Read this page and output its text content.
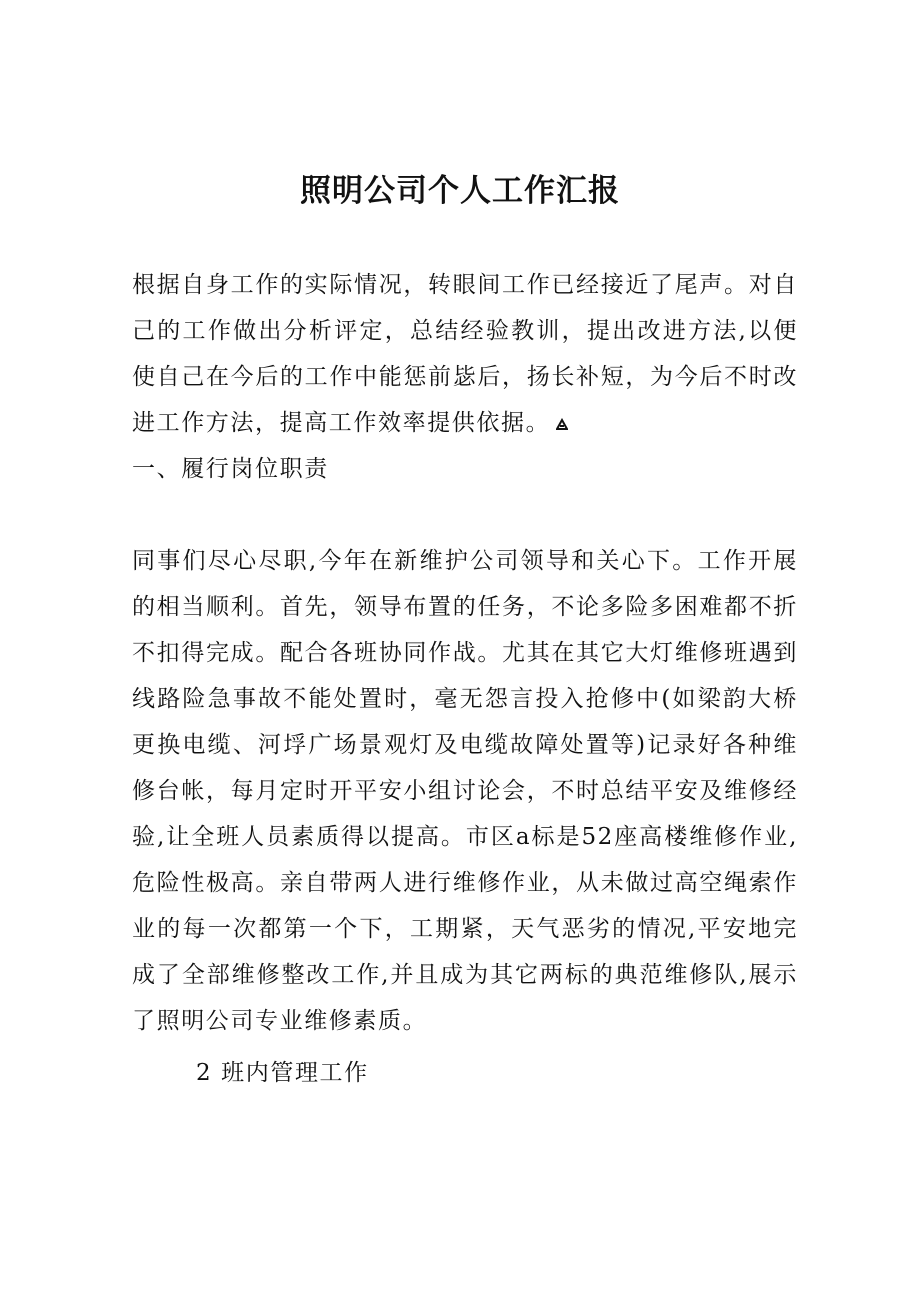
照明公司个人工作汇报

根据自身工作的实际情况，转眼间工作已经接近了尾声。对自己的工作做出分析评定，总结经验教训，提出改进方法,以便使自己在今后的工作中能惩前毖后，扬长补短，为今后不时改进工作方法，提高工作效率提供依据。

一、履行岗位职责

同事们尽心尽职,今年在新维护公司领导和关心下。工作开展的相当顺利。首先，领导布置的任务，不论多险多困难都不折不扣得完成。配合各班协同作战。尤其在其它大灯维修班遇到线路险急事故不能处置时，毫无怨言投入抢修中(如梁韵大桥更换电缆、河垺广场景观灯及电缆故障处置等)记录好各种维修台帐，每月定时开平安小组讨论会，不时总结平安及维修经验,让全班人员素质得以提高。市区a标是52座高楼维修作业,危险性极高。亲自带两人进行维修作业，从未做过高空绳索作业的每一次都第一个下，工期紧，天气恶劣的情况,平安地完成了全部维修整改工作,并且成为其它两标的典范维修队,展示了照明公司专业维修素质。

2 班内管理工作
